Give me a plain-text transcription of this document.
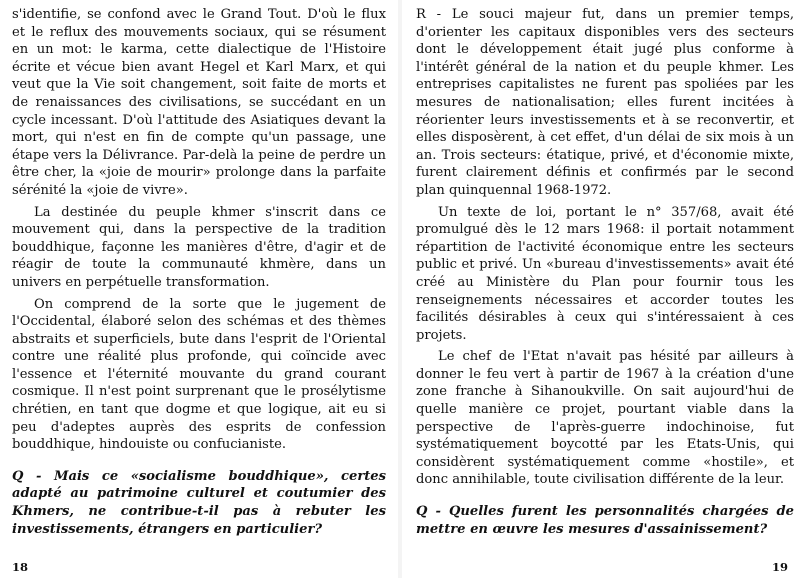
s'identifie, se confond avec le Grand Tout. D'où le flux et le reflux des mouvements sociaux, qui se résument en un mot: le karma, cette dialectique de l'Histoire écrite et vécue bien avant Hegel et Karl Marx, et qui veut que la Vie soit changement, soit faite de morts et de renaissances des civilisations, se succédant en un cycle incessant. D'où l'attitude des Asiatiques devant la mort, qui n'est en fin de compte qu'un passage, une étape vers la Délivrance. Par-delà la peine de perdre un être cher, la «joie de mourir» prolonge dans la parfaite sérénité la «joie de vivre».

La destinée du peuple khmer s'inscrit dans ce mouvement qui, dans la perspective de la tradition bouddhique, façonne les manières d'être, d'agir et de réagir de toute la communauté khmère, dans un univers en perpétuelle transformation.

On comprend de la sorte que le jugement de l'Occidental, élaboré selon des schémas et des thèmes abstraits et superficiels, bute dans l'esprit de l'Oriental contre une réalité plus profonde, qui coïncide avec l'essence et l'éternité mouvante du grand courant cosmique. Il n'est point surprenant que le prosélytisme chrétien, en tant que dogme et que logique, ait eu si peu d'adeptes auprès des esprits de confession bouddhique, hindouiste ou confucianiste.

Q - Mais ce «socialisme bouddhique», certes adapté au patrimoine culturel et coutumier des Khmers, ne contribue-t-il pas à rebuter les investissements, étrangers en particulier?

18

R - Le souci majeur fut, dans un premier temps, d'orienter les capitaux disponibles vers des secteurs dont le développement était jugé plus conforme à l'intérêt général de la nation et du peuple khmer. Les entreprises capitalistes ne furent pas spoliées par les mesures de nationalisation; elles furent incitées à réorienter leurs investissements et à se reconvertir, et elles disposèrent, à cet effet, d'un délai de six mois à un an. Trois secteurs: étatique, privé, et d'économie mixte, furent clairement définis et confirmés par le second plan quinquennal 1968-1972.

Un texte de loi, portant le n° 357/68, avait été promulgué dès le 12 mars 1968: il portait notamment répartition de l'activité économique entre les secteurs public et privé. Un «bureau d'investissements» avait été créé au Ministère du Plan pour fournir tous les renseignements nécessaires et accorder toutes les facilités désirables à ceux qui s'intéressaient à ces projets.

Le chef de l'Etat n'avait pas hésité par ailleurs à donner le feu vert à partir de 1967 à la création d'une zone franche à Sihanoukville. On sait aujourd'hui de quelle manière ce projet, pourtant viable dans la perspective de l'après-guerre indochinoise, fut systématiquement boycotté par les Etats-Unis, qui considèrent systématiquement comme «hostile», et donc annihilable, toute civilisation différente de la leur.

Q - Quelles furent les personnalités chargées de mettre en œuvre les mesures d'assainissement?

19
